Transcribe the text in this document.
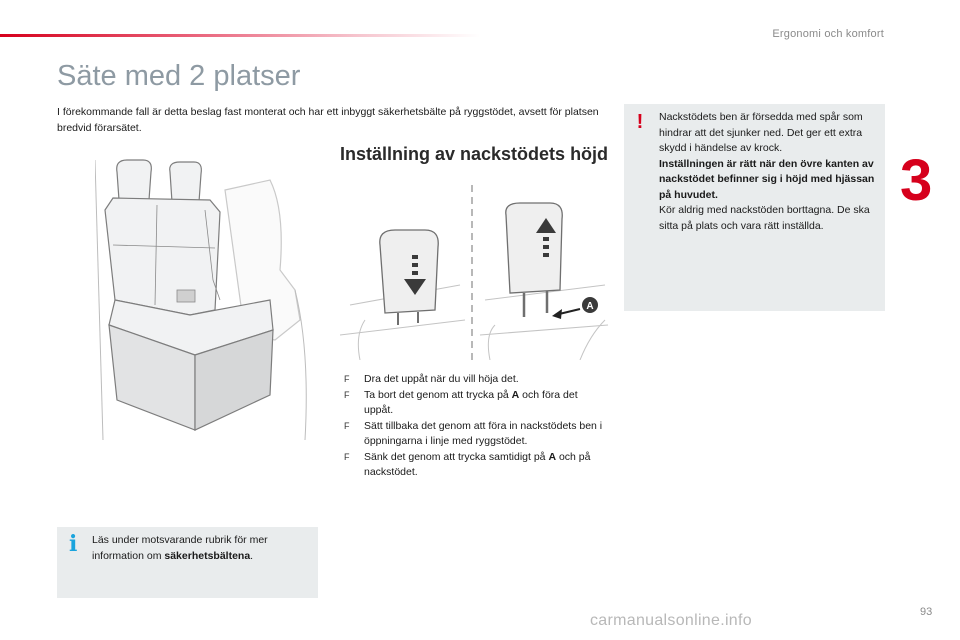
Ergonomi och komfort
3
Säte med 2 platser

I förekommande fall är detta beslag fast monterat och har ett inbyggt säkerhetsbälte på ryggstödet, avsett för platsen bredvid förarsätet.

Inställning av nackstödets höjd
A
F Dra det uppåt när du vill höja det.
F Ta bort det genom att trycka på A och föra det uppåt.
F Sätt tillbaka det genom att föra in nackstödets ben i öppningarna i linje med ryggstödet.
F Sänk det genom att trycka samtidigt på A och på nackstödet.
! Nackstödets ben är försedda med spår som hindrar att det sjunker ned. Det ger ett extra skydd i händelse av krock.

Inställningen är rätt när den övre kanten av nackstödet befinner sig i höjd med hjässan på huvudet.

Kör aldrig med nackstöden borttagna. De ska sitta på plats och vara rätt inställda.

i Läs under motsvarande rubrik för mer information om säkerhetsbältena.

93
carmanualsonline.info
